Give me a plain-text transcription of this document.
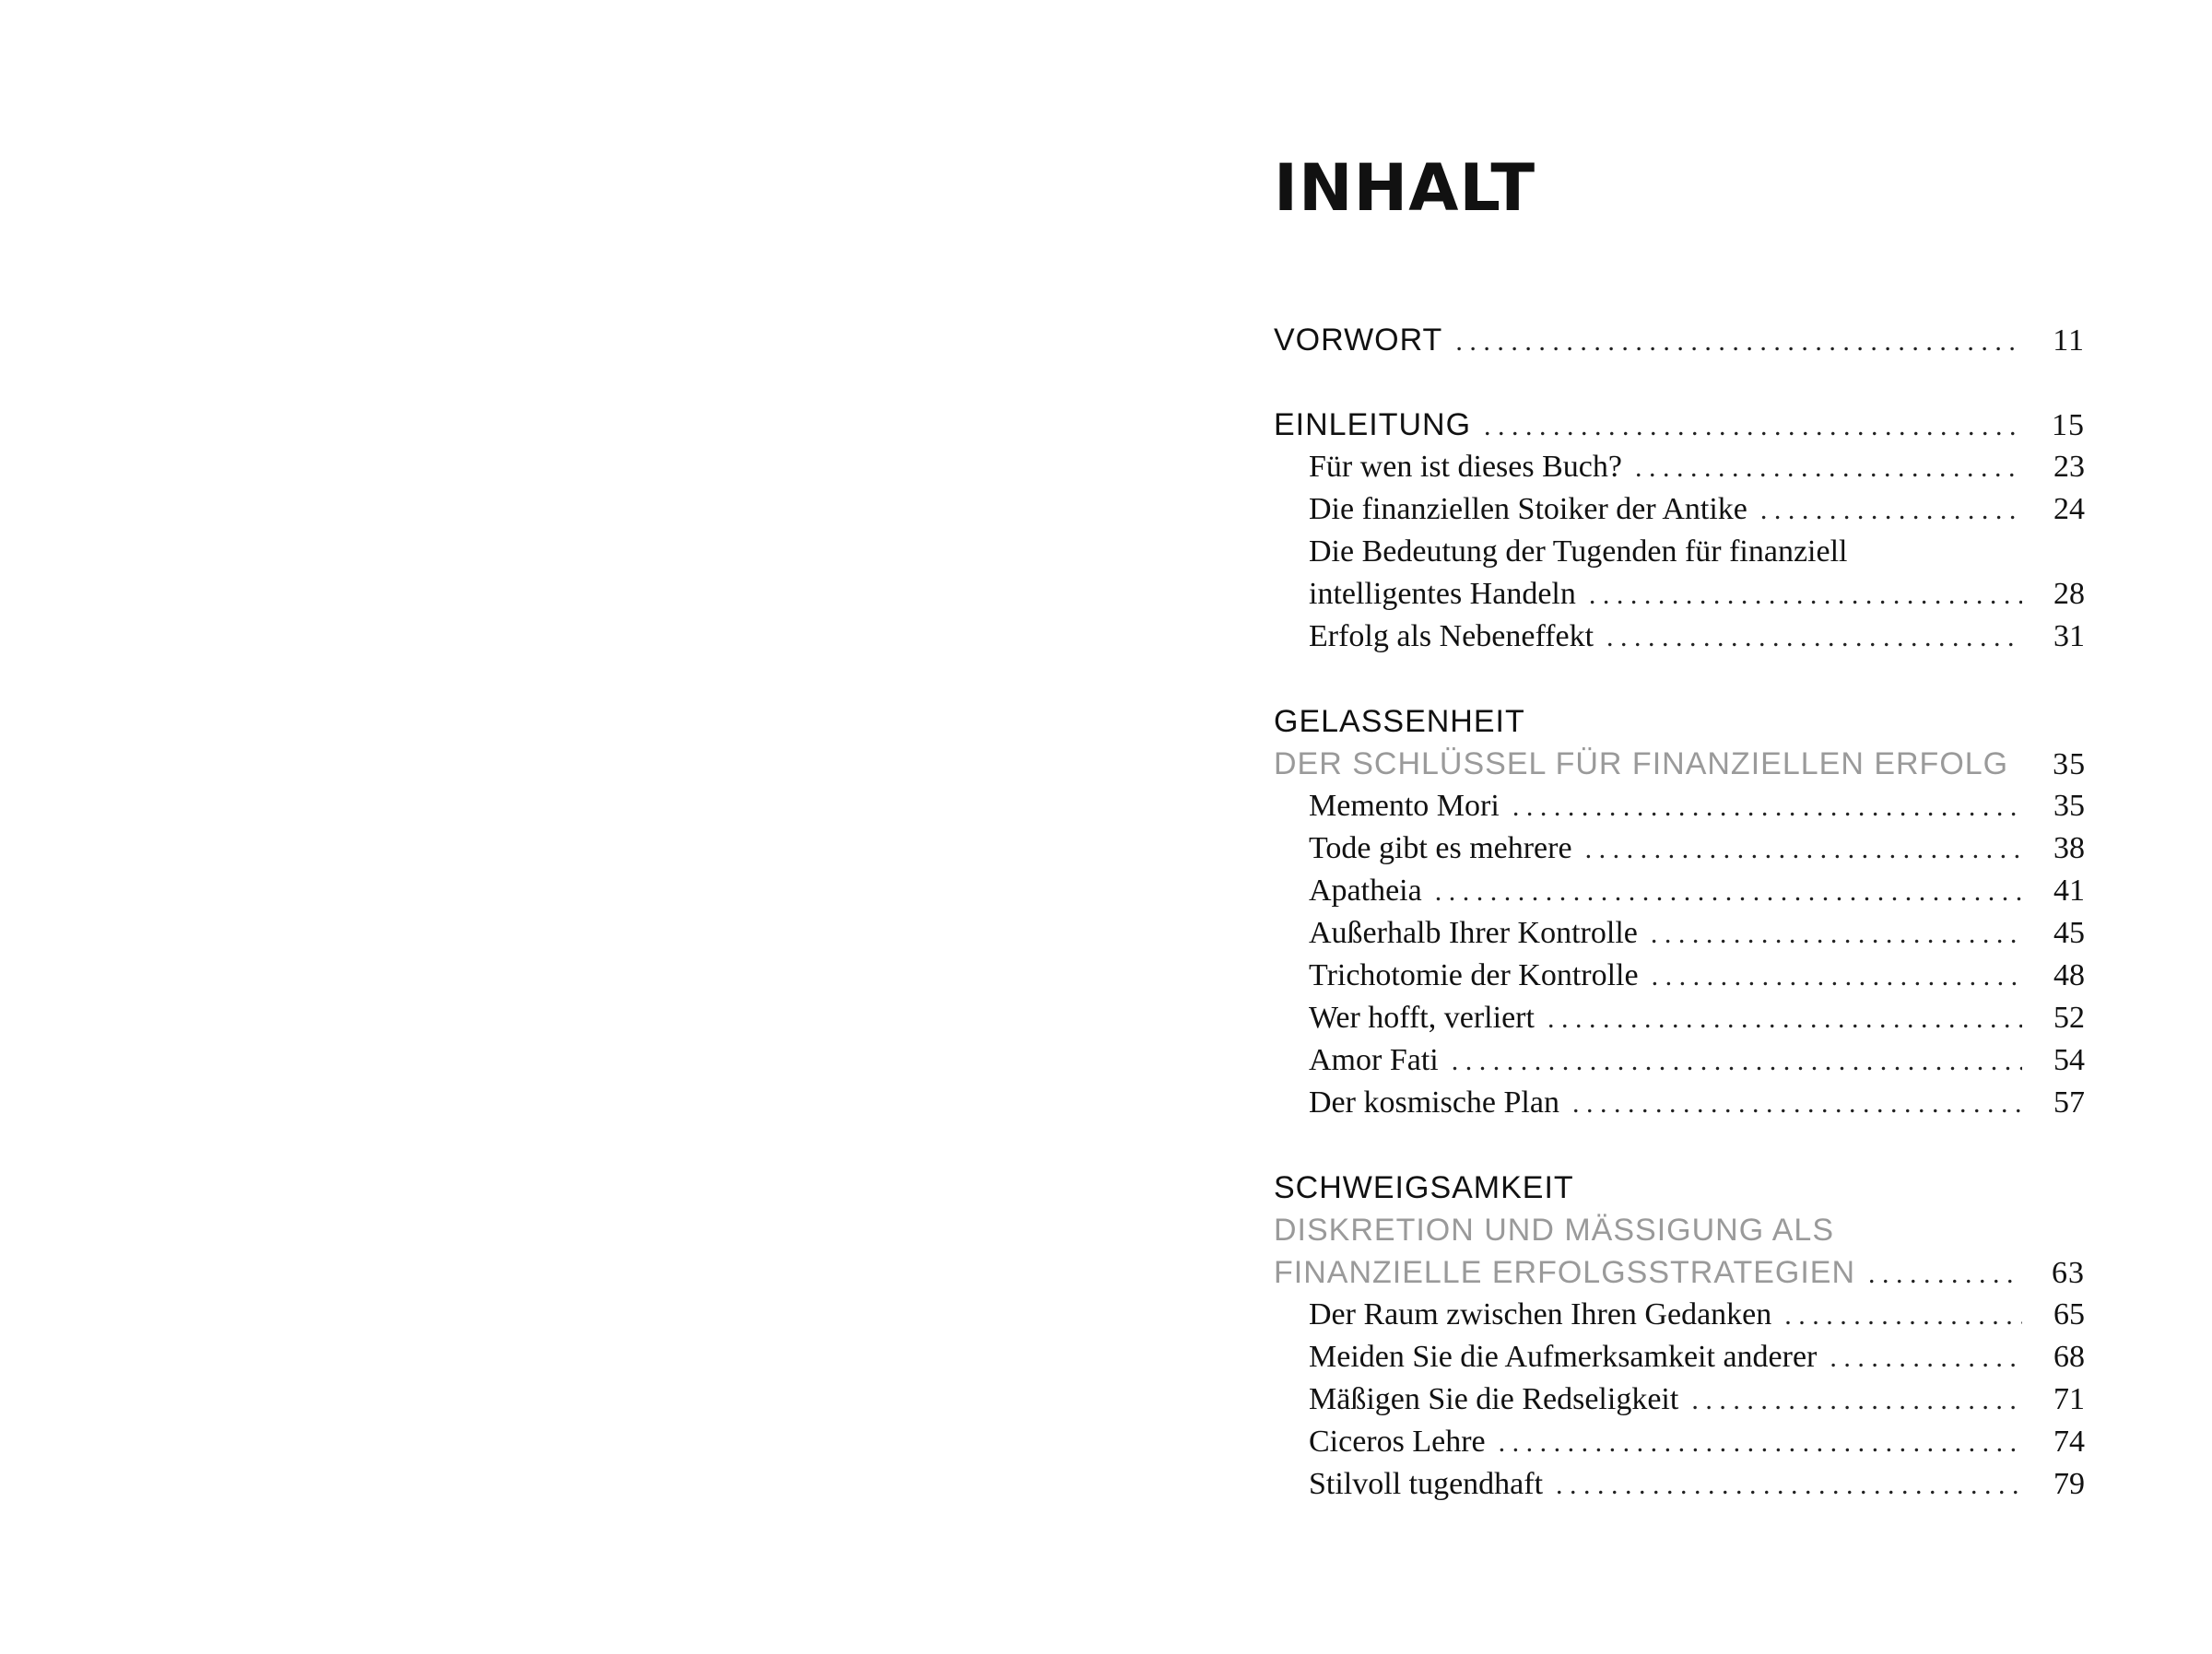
INHALT
VORWORT . . .	11
EINLEITUNG . . .	15
Für wen ist dieses Buch? . . .	23
Die finanziellen Stoiker der Antike . . .	24
Die Bedeutung der Tugenden für finanziell
intelligentes Handeln . . .	28
Erfolg als Nebeneffekt . . .	31
GELASSENHEIT
DER SCHLÜSSEL FÜR FINANZIELLEN ERFOLG 35
Memento Mori . . .	35
Tode gibt es mehrere . . .	38
Apatheia . . .	41
Außerhalb Ihrer Kontrolle . . .	45
Trichotomie der Kontrolle . . .	48
Wer hofft, verliert . . .	52
Amor Fati . . .	54
Der kosmische Plan . . .	57
SCHWEIGSAMKEIT
DISKRETION UND MÄSSIGUNG ALS
FINANZIELLE ERFOLGSSTRATEGIEN . . .	63
Der Raum zwischen Ihren Gedanken . . .	65
Meiden Sie die Aufmerksamkeit anderer . . .	68
Mäßigen Sie die Redseligkeit . . .	71
Ciceros Lehre . . .	74
Stilvoll tugendhaft . . .	79
